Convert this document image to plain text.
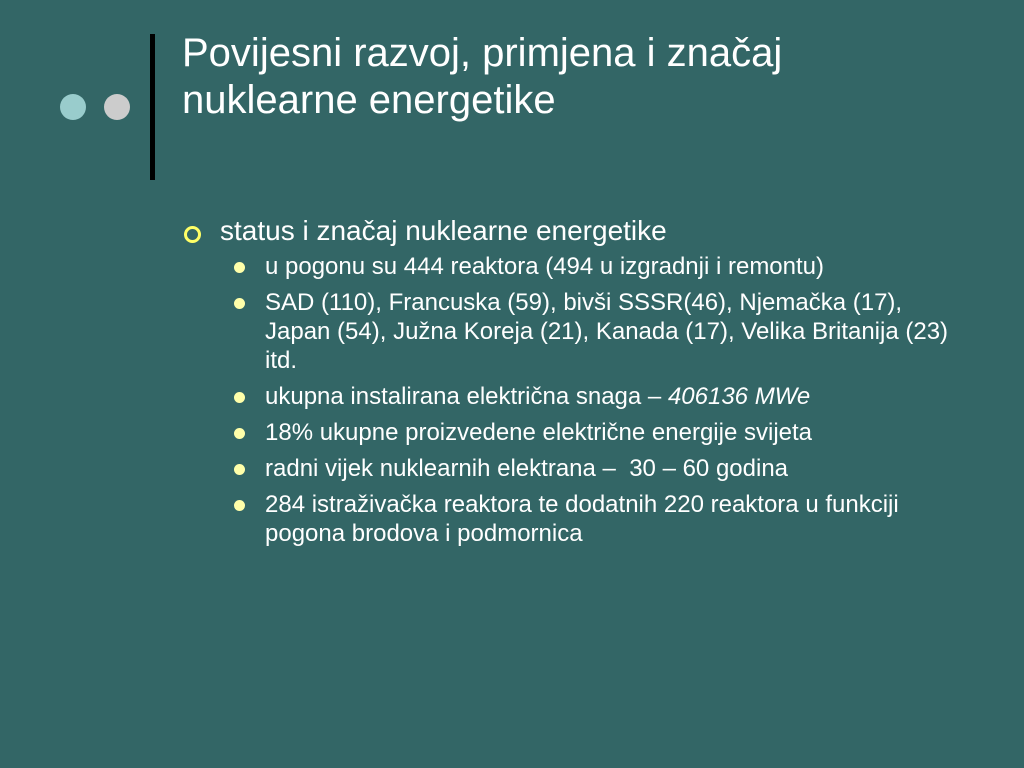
Povijesni razvoj, primjena i značaj
nuklearne energetike
status i značaj nuklearne energetike
u pogonu su 444 reaktora (494 u izgradnji i remontu)
SAD (110), Francuska (59), bivši SSSR(46), Njemačka (17), Japan (54), Južna Koreja (21), Kanada (17), Velika Britanija (23) itd.
ukupna instalirana električna snaga – 406136 MWe
18% ukupne proizvedene električne energije svijeta
radni vijek nuklearnih elektrana –  30 – 60 godina
284 istraživačka reaktora te dodatnih 220 reaktora u funkciji pogona brodova i podmornica
